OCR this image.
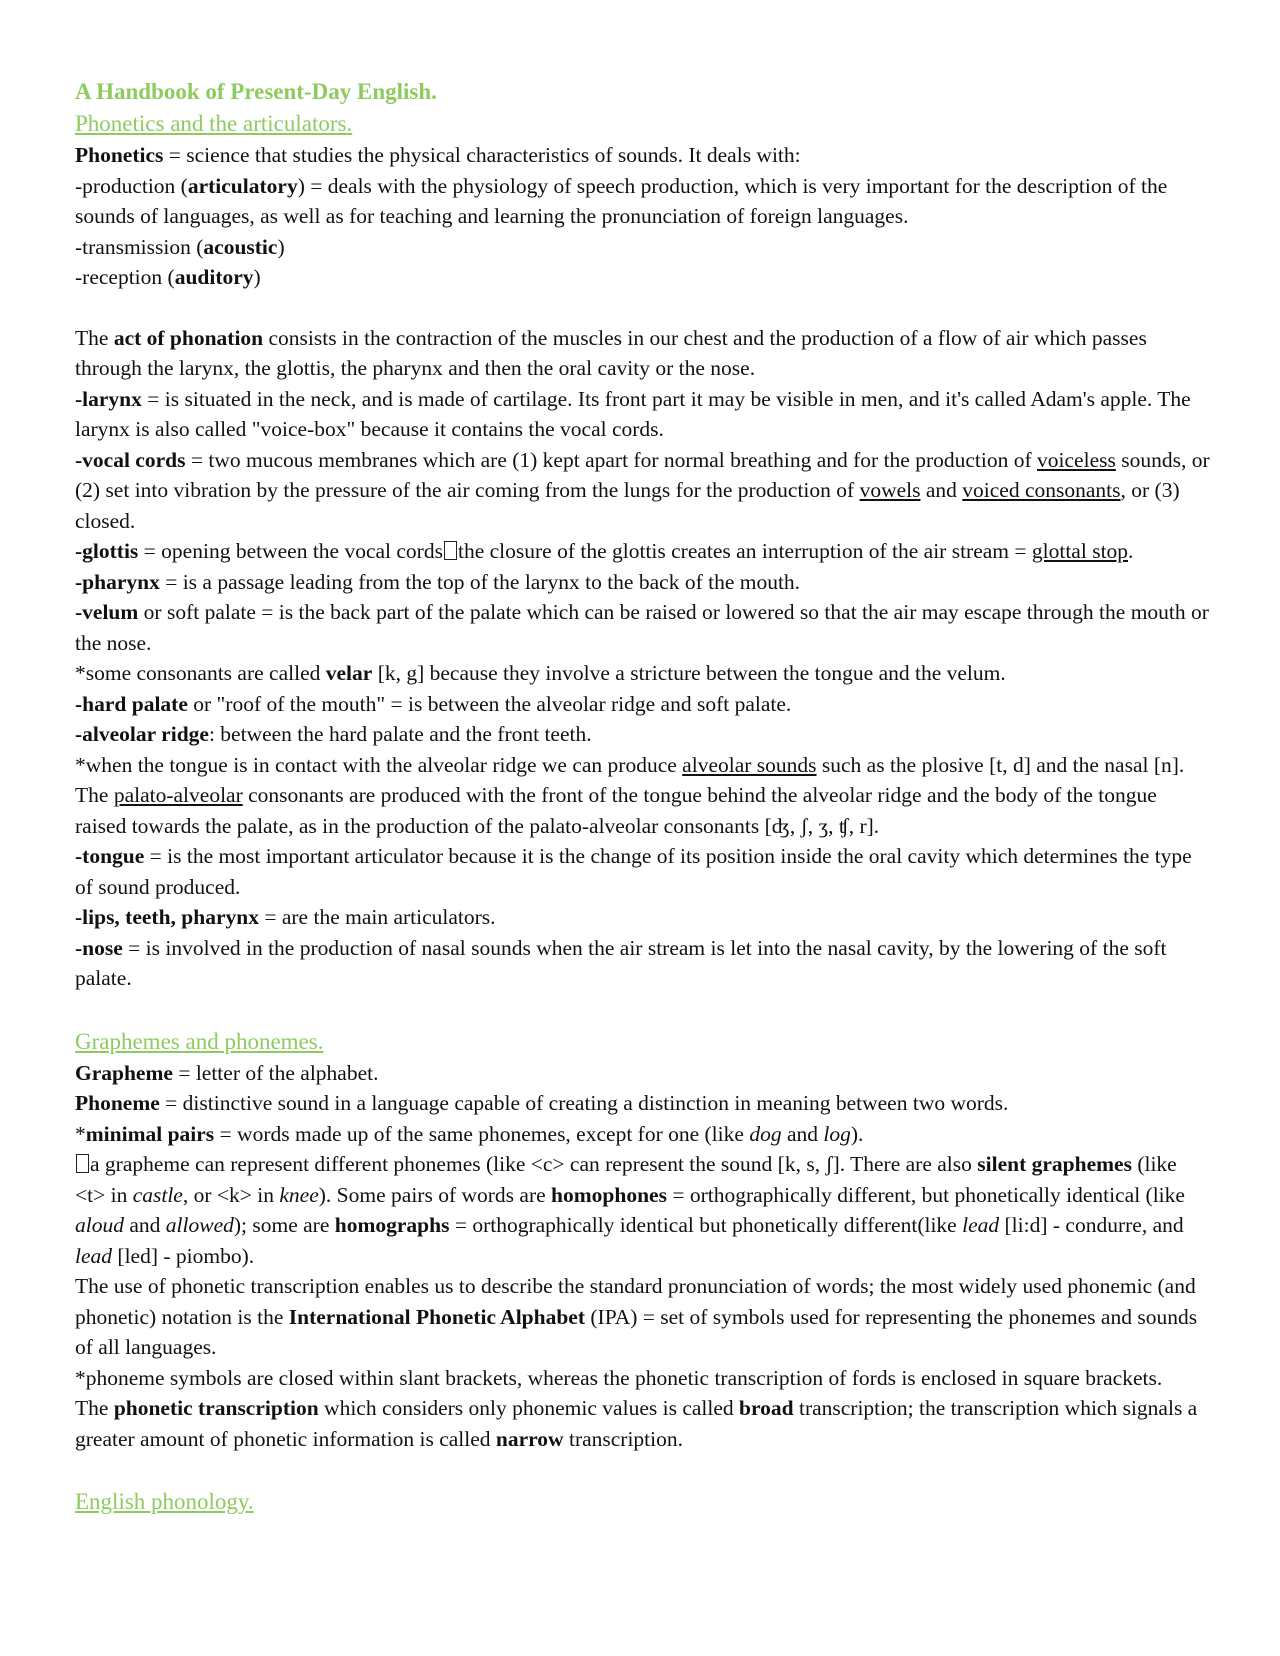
A Handbook of Present-Day English.
Phonetics and the articulators.

Phonetics = science that studies the physical characteristics of sounds. It deals with:

-production (articulatory) = deals with the physiology of speech production, which is very important for the description of the sounds of languages, as well as for teaching and learning the pronunciation of foreign languages.

-transmission (acoustic)

-reception (auditory)

The act of phonation consists in the contraction of the muscles in our chest and the production of a flow of air which passes through the larynx, the glottis, the pharynx and then the oral cavity or the nose.

-larynx = is situated in the neck, and is made of cartilage. Its front part it may be visible in men, and it's called Adam's apple. The larynx is also called "voice-box" because it contains the vocal cords.

-vocal cords = two mucous membranes which are (1) kept apart for normal breathing and for the production of voiceless sounds, or (2) set into vibration by the pressure of the air coming from the lungs for the production of vowels and voiced consonants, or (3) closed.

-glottis = opening between the vocal cords the closure of the glottis creates an interruption of the air stream = glottal stop.

-pharynx = is a passage leading from the top of the larynx to the back of the mouth.

-velum or soft palate = is the back part of the palate which can be raised or lowered so that the air may escape through the mouth or the nose.

*some consonants are called velar [k, g] because they involve a stricture between the tongue and the velum.

-hard palate or "roof of the mouth" = is between the alveolar ridge and soft palate.

-alveolar ridge: between the hard palate and the front teeth.

*when the tongue is in contact with the alveolar ridge we can produce alveolar sounds such as the plosive [t, d] and the nasal [n]. The palato-alveolar consonants are produced with the front of the tongue behind the alveolar ridge and the body of the tongue raised towards the palate, as in the production of the palato-alveolar consonants [ʤ, ʃ, ʒ, ʧ, r].

-tongue = is the most important articulator because it is the change of its position inside the oral cavity which determines the type of sound produced.

-lips, teeth, pharynx = are the main articulators.

-nose = is involved in the production of nasal sounds when the air stream is let into the nasal cavity, by the lowering of the soft palate.

Graphemes and phonemes.

Grapheme = letter of the alphabet.

Phoneme = distinctive sound in a language capable of creating a distinction in meaning between two words.

*minimal pairs = words made up of the same phonemes, except for one (like dog and log).

a grapheme can represent different phonemes (like <c> can represent the sound [k, s, ʃ]. There are also silent graphemes (like <t> in castle, or <k> in knee). Some pairs of words are homophones = orthographically different, but phonetically identical (like aloud and allowed); some are homographs = orthographically identical but phonetically different(like lead [li:d] - condurre, and lead [led] - piombo).

The use of phonetic transcription enables us to describe the standard pronunciation of words; the most widely used phonemic (and phonetic) notation is the International Phonetic Alphabet (IPA) = set of symbols used for representing the phonemes and sounds of all languages.

*phoneme symbols are closed within slant brackets, whereas the phonetic transcription of fords is enclosed in square brackets.

The phonetic transcription which considers only phonemic values is called broad transcription; the transcription which signals a greater amount of phonetic information is called narrow transcription.

English phonology.
